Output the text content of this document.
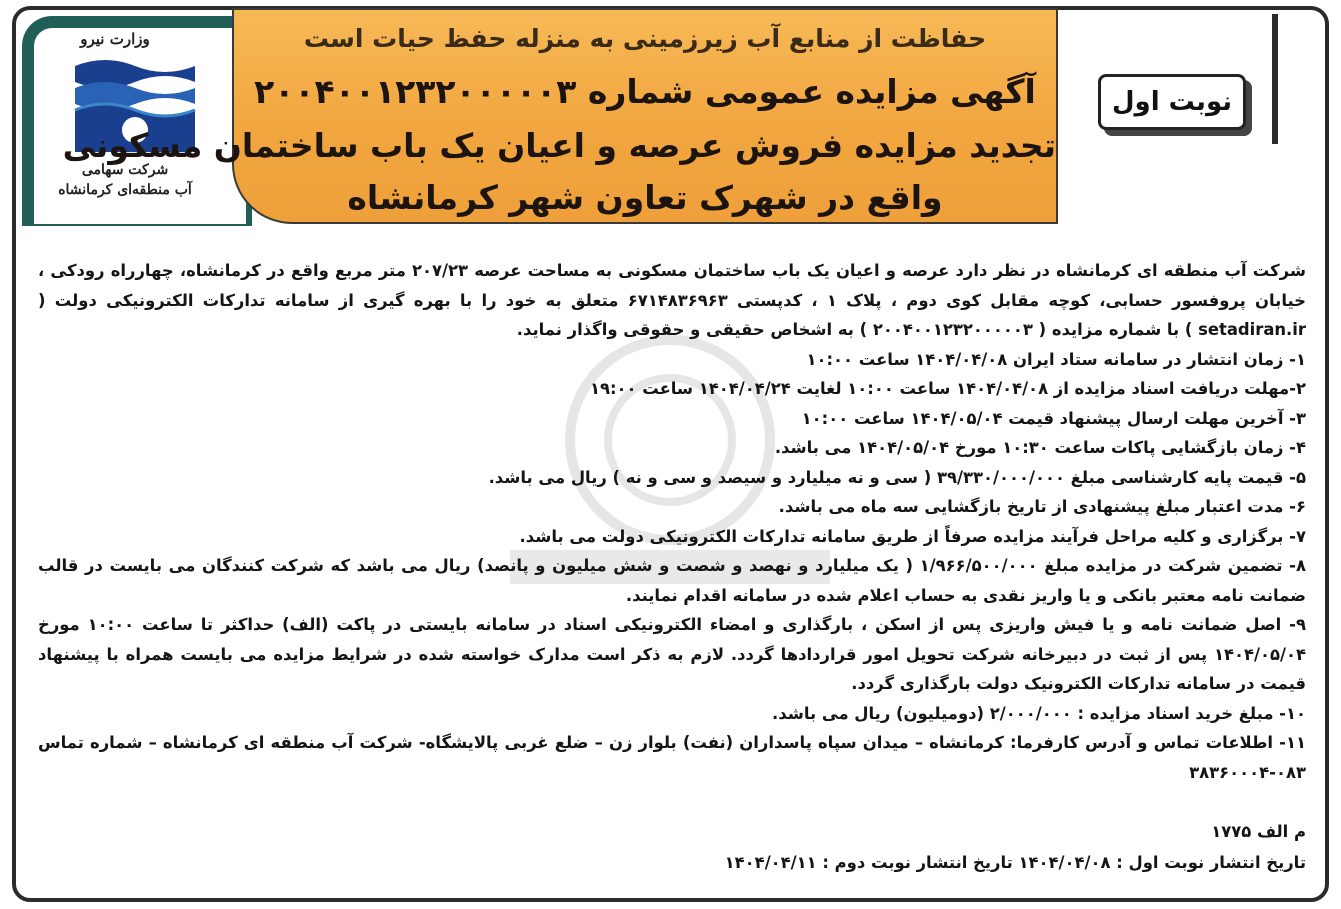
وزارت نیرو
شرکت سهامی
آب منطقه‌ای کرمانشاه
حفاظت از منابع آب زیرزمینی به منزله حفظ حیات است
آگهی مزایده عمومی شماره ۲۰۰۴۰۰۱۲۳۲۰۰۰۰۰۳
تجدید مزایده فروش عرصه و اعیان یک باب ساختمان مسکونی
واقع در شهرک تعاون شهر کرمانشاه
نوبت اول

شرکت آب منطقه ای کرمانشاه در نظر دارد عرصه و اعیان یک باب ساختمان مسکونی به مساحت عرصه ۲۰۷/۲۳ متر مربع واقع در کرمانشاه، چهارراه رودکی ، خیابان پروفسور حسابی، کوچه مقابل کوی دوم ، پلاک ۱ ، کدپستی ۶۷۱۴۸۳۶۹۶۳ متعلق به خود را با بهره گیری از سامانه تدارکات الکترونیکی دولت ( setadiran.ir ) با شماره مزایده ( ۲۰۰۴۰۰۱۲۳۲۰۰۰۰۰۳ ) به اشخاص حقیقی و حقوقی واگذار نماید.

۱- زمان انتشار در سامانه ستاد ایران ۱۴۰۴/۰۴/۰۸ ساعت ۱۰:۰۰

۲-مهلت دریافت اسناد مزایده از ۱۴۰۴/۰۴/۰۸ ساعت ۱۰:۰۰ لغایت ۱۴۰۴/۰۴/۲۴ ساعت ۱۹:۰۰

۳- آخرین مهلت ارسال پیشنهاد قیمت ۱۴۰۴/۰۵/۰۴ ساعت ۱۰:۰۰

۴- زمان بازگشایی پاکات ساعت ۱۰:۳۰ مورخ ۱۴۰۴/۰۵/۰۴ می باشد.

۵- قیمت پایه کارشناسی مبلغ ۳۹/۳۳۰/۰۰۰/۰۰۰ ( سی و نه میلیارد و سیصد و سی و نه ) ریال می باشد.

۶- مدت اعتبار مبلغ پیشنهادی از تاریخ بازگشایی سه ماه می باشد.

۷- برگزاری و کلیه مراحل فرآیند مزایده صرفاً از طریق سامانه تدارکات الکترونیکی دولت می باشد.

۸- تضمین شرکت در مزایده مبلغ ۱/۹۶۶/۵۰۰/۰۰۰ ( یک میلیارد و نهصد و شصت و شش میلیون و پانصد) ریال می باشد که شرکت کنندگان می بایست در قالب ضمانت نامه معتبر بانکی و یا واریز نقدی به حساب اعلام شده در سامانه اقدام نمایند.

۹- اصل ضمانت نامه و یا فیش واریزی پس از اسکن ، بارگذاری و امضاء الکترونیکی اسناد در سامانه بایستی در پاکت (الف) حداکثر تا ساعت ۱۰:۰۰ مورخ ۱۴۰۴/۰۵/۰۴ پس از ثبت در دبیرخانه شرکت تحویل امور قراردادها گردد. لازم به ذکر است مدارک خواسته شده در شرایط مزایده می بایست همراه با پیشنهاد قیمت در سامانه تدارکات الکترونیک دولت بارگذاری گردد.

۱۰- مبلغ خرید اسناد مزایده : ۲/۰۰۰/۰۰۰ (دومیلیون) ریال می باشد.

۱۱- اطلاعات تماس و آدرس کارفرما: کرمانشاه – میدان سپاه پاسداران (نفت) بلوار زن – ضلع غربی پالایشگاه- شرکت آب منطقه ای کرمانشاه – شماره تماس ۰۸۳-۳۸۳۶۰۰۰۴

م الف ۱۷۷۵
تاریخ انتشار نوبت اول : ۱۴۰۴/۰۴/۰۸ تاریخ انتشار نوبت دوم : ۱۴۰۴/۰۴/۱۱
